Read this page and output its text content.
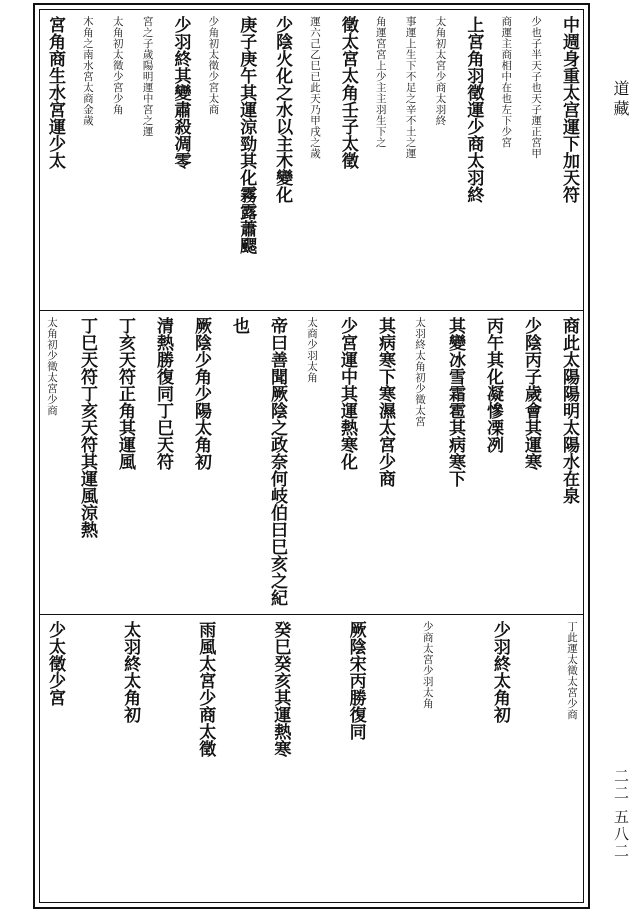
中週身重太宫運下加天符
少也子半天子也天子運正宮甲
商運主商相中在也左下少宮
上宮角羽徵運少商太羽終
太角初太宮少商太羽終
事運上生下不足之辛不土之運
角運宮宮上少主主羽生下之
徵太宮太角壬子太徵
運六己乙巳已此天乃甲戌之歲
少陰火化之水以主木變化
庚子庚午其運涼勁其化霧露蕭颸
少角初太徵少宮太商
少羽終其變肅殺凋零
宮之子歲陽明運中宮之運
太角初太徵少宮少角
木角之南水宮太商金歲
宮角商生水宮運少太
商此太陽陽明太陽水在泉
少陰丙子歲會其運寒
丙午其化凝慘凓冽
其變冰雪霜雹其病寒下
太羽終太角初少徵太宮
其病寒下寒濕太宮少商
少宮運中其運熱寒化
太商少羽太角
帝曰善聞厥陰之政奈何岐伯曰巳亥之紀
也
厥陰少角少陽太角初
清熱勝復同丁巳天符
丁亥天符正角其運風
丁巳天符丁亥天符其運風涼熱
太角初少徵太宮少商
丁此運太徵太宮少商
少羽終太角初
少商太宮少羽太角
厥陰宋丙勝復同
癸巳癸亥其運熱寒
雨風太宮少商太徵
太羽終太角初
少太徵少宮
道藏
二二 五八二
